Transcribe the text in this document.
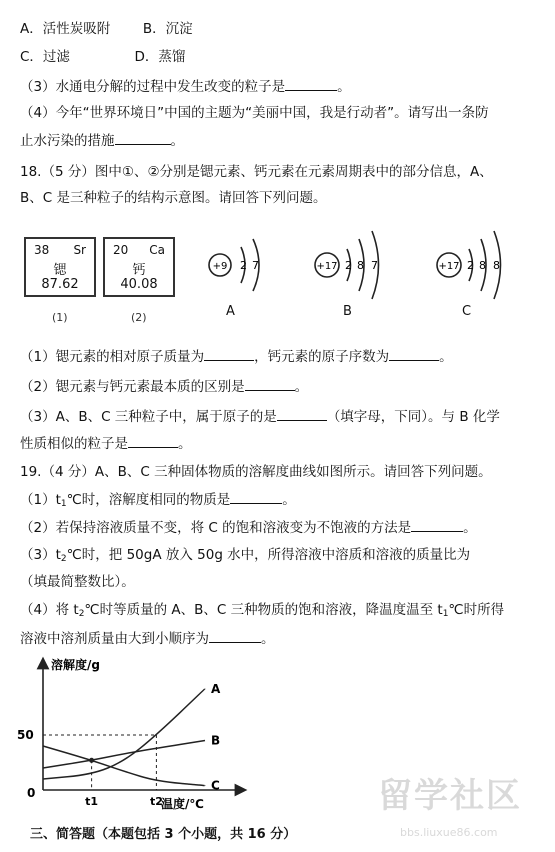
A．活性炭吸附 B．沉淀
C．过滤	D．蒸馏
（3）水通电分解的过程中发生改变的粒子是	。
（4）今年“世界环境日”中国的主题为“美丽中国，我是行动者”。请写出一条防
止水污染的措施	。
18.（5 分）图中①、②分别是锶元素、钙元素在元素周期表中的部分信息，A、
B、C 是三种粒子的结构示意图。请回答下列问题。
38 Sr
锶
87.62
(1)
20 Ca
钙
40.08
(2)
+9 2 7	+17 2 8 7	+17 2 8 8
A	B	C
（1）锶元素的相对原子质量为	，钙元素的原子序数为	。
（2）锶元素与钙元素最本质的区别是	。
（3）A、B、C 三种粒子中，属于原子的是	（填字母，下同）。与 B 化学
性质相似的粒子是	。
19.（4 分）A、B、C 三种固体物质的溶解度曲线如图所示。请回答下列问题。
$(1)t_1℃$时，溶解度相同的物质是	。
（2）若保持溶液质量不变，将 C 的饱和溶液变为不饱液的方法是	。
$(3)t_2℃$时，把 50gA 放入 50g 水中，所得溶液中溶质和溶液的质量比为
（填最简整数比）。
（4）将 $t_2℃$时等质量的 A、B、C 三种物质的饱和溶液，降温度温至 $t_1℃$时所得
溶液中溶剂质量由大到小顺序为	。
溶解度/g
温度/℃
0
50
t1	t2
A
B
C	留学社区
bbs.liuxue86.com
三、简答题（本题包括 3 个小题，共 16 分）
